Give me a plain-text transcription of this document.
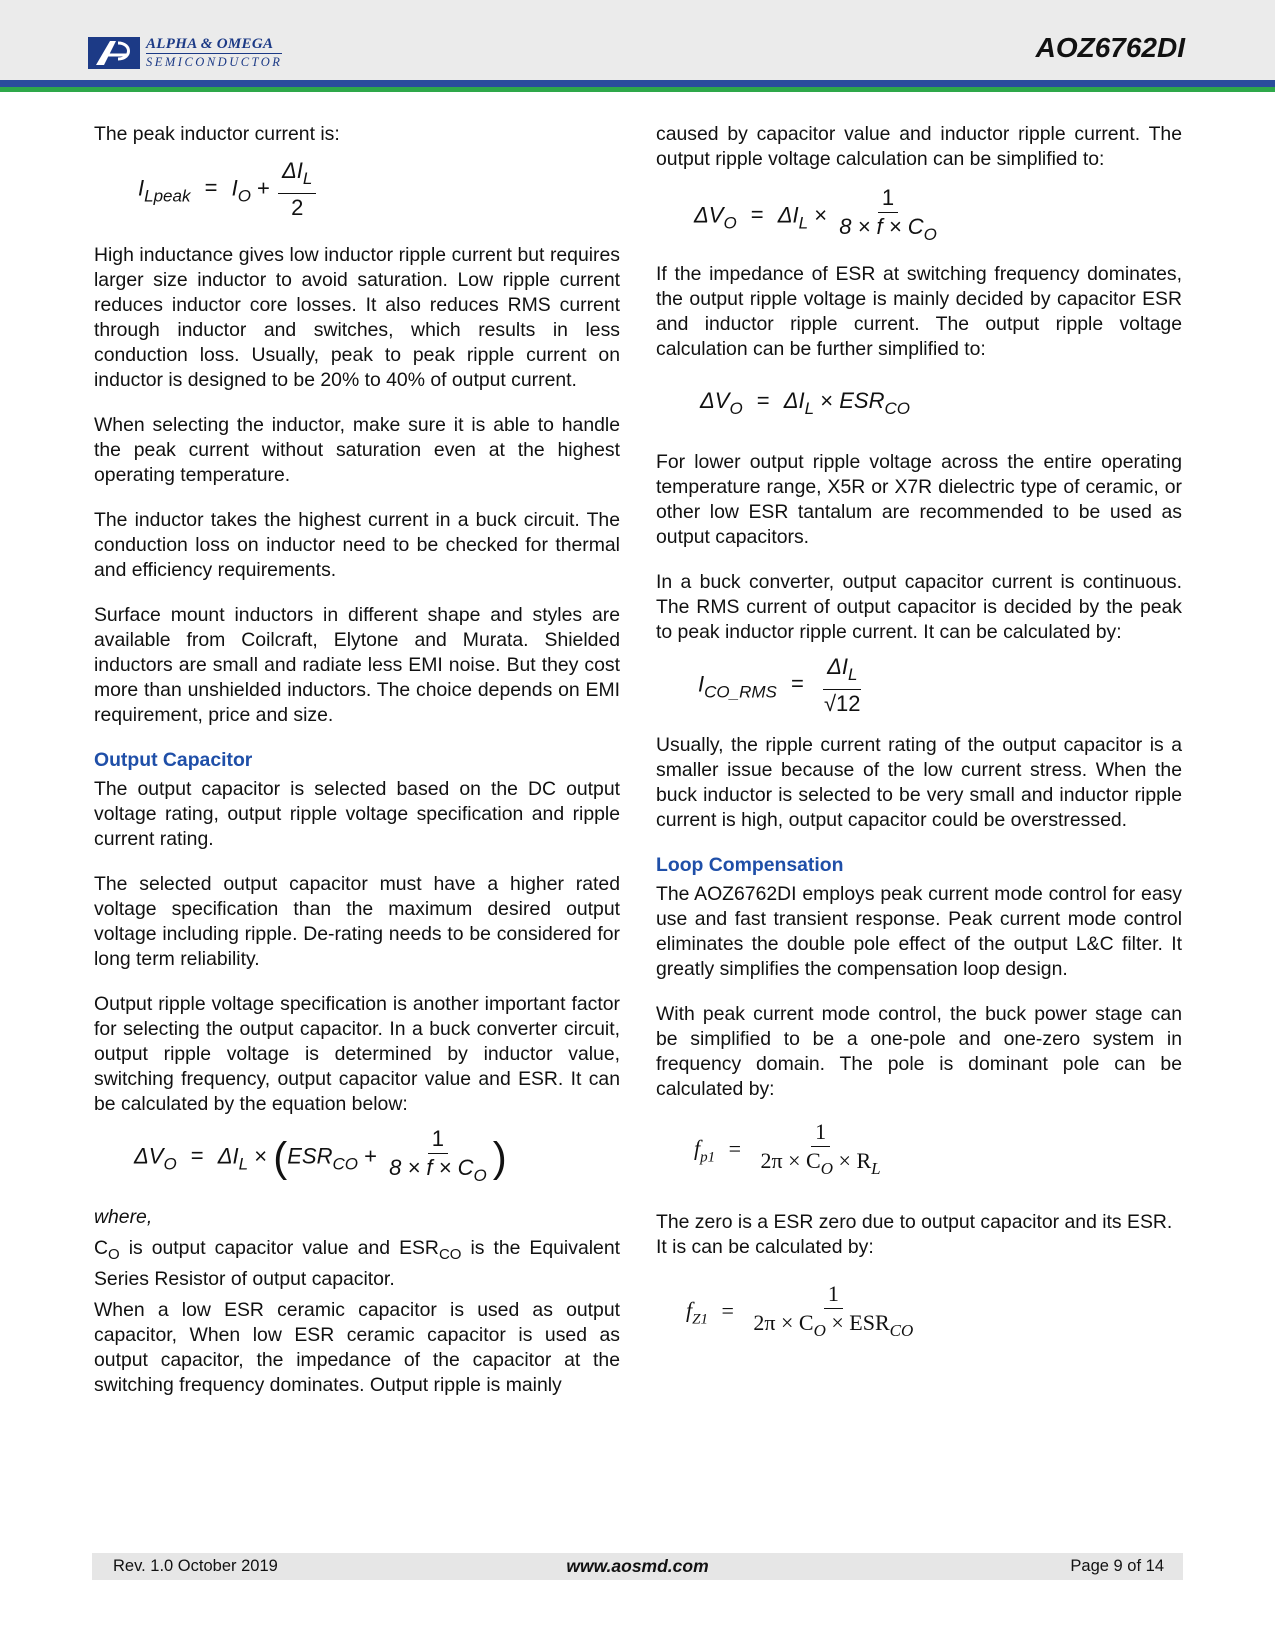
ALPHA & OMEGA
SEMICONDUCTOR	AOZ6762DI

The peak inductor current is:

$I_{Lpeak} = I_O + \frac{\Delta I_L}{2}$

High inductance gives low inductor ripple current but requires larger size inductor to avoid saturation. Low ripple current reduces inductor core losses. It also reduces RMS current through inductor and switches, which results in less conduction loss. Usually, peak to peak ripple current on inductor is designed to be 20% to 40% of output current.

When selecting the inductor, make sure it is able to handle the peak current without saturation even at the highest operating temperature.

The inductor takes the highest current in a buck circuit. The conduction loss on inductor need to be checked for thermal and efficiency requirements.

Surface mount inductors in different shape and styles are available from Coilcraft, Elytone and Murata. Shielded inductors are small and radiate less EMI noise. But they cost more than unshielded inductors. The choice depends on EMI requirement, price and size.

Output Capacitor

The output capacitor is selected based on the DC output voltage rating, output ripple voltage specification and ripple current rating.

The selected output capacitor must have a higher rated voltage specification than the maximum desired output voltage including ripple. De-rating needs to be considered for long term reliability.

Output ripple voltage specification is another important factor for selecting the output capacitor. In a buck converter circuit, output ripple voltage is determined by inductor value, switching frequency, output capacitor value and ESR. It can be calculated by the equation below:

$\Delta V_O = \Delta I_L \times (ESR_{CO} + \frac{1}{8 \times f \times C_O}$ )

where,

$C_O$ is output capacitor value and $ESR_{CO}$ is the Equivalent Series Resistor of output capacitor.

When a low ESR ceramic capacitor is used as output capacitor, When low ESR ceramic capacitor is used as output capacitor, the impedance of the capacitor at the switching frequency dominates. Output ripple is mainly

caused by capacitor value and inductor ripple current. The output ripple voltage calculation can be simplified to:

$\Delta V_O = \Delta I_L \times \frac{1}{8 \times f \times C_O}$

If the impedance of ESR at switching frequency dominates, the output ripple voltage is mainly decided by capacitor ESR and inductor ripple current. The output ripple voltage calculation can be further simplified to:

$\Delta V_O = \Delta I_L \times ESR_{CO}$

For lower output ripple voltage across the entire operating temperature range, X5R or X7R dielectric type of ceramic, or other low ESR tantalum are recommended to be used as output capacitors.

In a buck converter, output capacitor current is continuous. The RMS current of output capacitor is decided by the peak to peak inductor ripple current. It can be calculated by:

$I_{CO\_RMS} = \frac{\Delta I_L}{√12}$

Usually, the ripple current rating of the output capacitor is a smaller issue because of the low current stress. When the buck inductor is selected to be very small and inductor ripple current is high, output capacitor could be overstressed.

Loop Compensation

The AOZ6762DI employs peak current mode control for easy use and fast transient response. Peak current mode control eliminates the double pole effect of the output L&C filter. It greatly simplifies the compensation loop design.

With peak current mode control, the buck power stage can be simplified to be a one-pole and one-zero system in frequency domain. The pole is dominant pole can be calculated by:

$f_{p1} = \frac{1}{2\pi \times C_O \times R_L}$

The zero is a ESR zero due to output capacitor and its ESR. It is can be calculated by:

$f_{Z1} = \frac{1}{2\pi \times C_O \times ESR_{CO}}$
Rev. 1.0 October 2019	www.aosmd.com	Page 9 of 14
